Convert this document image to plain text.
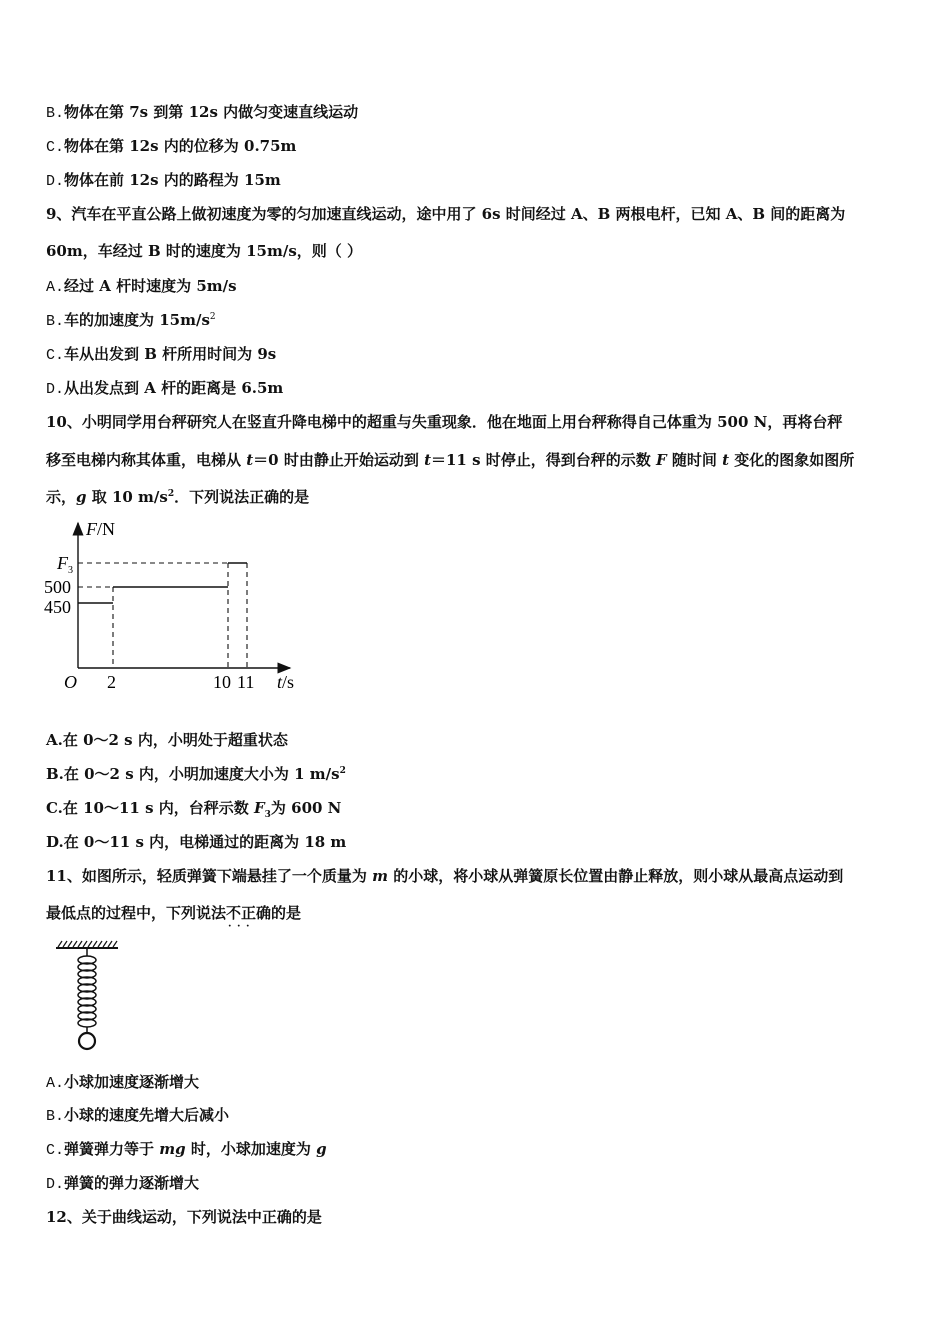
B.物体在第 7s 到第 12s 内做匀变速直线运动
C.物体在第 12s 内的位移为 0.75m
D.物体在前 12s 内的路程为 15m
9、汽车在平直公路上做初速度为零的匀加速直线运动，途中用了 6s 时间经过 A、B 两根电杆，已知 A、B 间的距离为
60m，车经过 B 时的速度为 15m/s，则（ ）
A.经过 A 杆时速度为 5m/s
B.车的加速度为 $15m/s^2$
C.车从出发到 B 杆所用时间为 9s
D.从出发点到 A 杆的距离是 6.5m
10、小明同学用台秤研究人在竖直升降电梯中的超重与失重现象．他在地面上用台秤称得自己体重为 500 N，再将台秤
移至电梯内称其体重，电梯从 t＝0 时由静止开始运动到 t＝11 s 时停止，得到台秤的示数 F 随时间 t 变化的图象如图所
示，g 取 10 $m/s^2$．下列说法正确的是
F/N
t/s
O
$F_3$
500
450
2	10 11
A.在 0～2 s 内，小明处于超重状态
B.在 0～2 s 内，小明加速度大小为 1 $m/s^2$
C.在 10～11 s 内，台秤示数 $F_3$为 600 N
D.在 0～11 s 内，电梯通过的距离为 18 m
11、如图所示，轻质弹簧下端悬挂了一个质量为 m 的小球，将小球从弹簧原长位置由静止释放，则小球从最高点运动到
最低点的过程中，下列说法不正确 · · ·的是
A.小球加速度逐渐增大
B.小球的速度先增大后减小
C.弹簧弹力等于 mg 时，小球加速度为 g
D.弹簧的弹力逐渐增大
12、关于曲线运动，下列说法中正确的是
